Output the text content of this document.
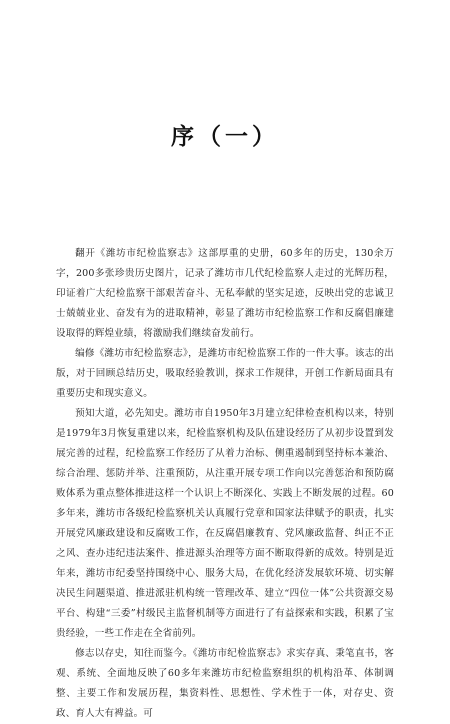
序（一）

翻开《潍坊市纪检监察志》这部厚重的史册，60多年的历史，130余万字，200多张珍贵历史图片，记录了潍坊市几代纪检监察人走过的光辉历程，印证着广大纪检监察干部艰苦奋斗、无私奉献的坚实足迹，反映出党的忠诚卫士兢兢业业、奋发有为的进取精神，彰显了潍坊市纪检监察工作和反腐倡廉建设取得的辉煌业绩，将激励我们继续奋发前行。

编修《潍坊市纪检监察志》，是潍坊市纪检监察工作的一件大事。该志的出版，对于回顾总结历史，吸取经验教训，探求工作规律，开创工作新局面具有重要历史和现实意义。

预知大道，必先知史。潍坊市自1950年3月建立纪律检查机构以来，特别是1979年3月恢复重建以来，纪检监察机构及队伍建设经历了从初步设置到发展完善的过程，纪检监察工作经历了从着力治标、侧重遏制到坚持标本兼治、综合治理、惩防并举、注重预防，从注重开展专项工作向以完善惩治和预防腐败体系为重点整体推进这样一个认识上不断深化、实践上不断发展的过程。60多年来，潍坊市各级纪检监察机关认真履行党章和国家法律赋予的职责，扎实开展党风廉政建设和反腐败工作，在反腐倡廉教育、党风廉政监督、纠正不正之风、查办违纪违法案件、推进源头治理等方面不断取得新的成效。特别是近年来，潍坊市纪委坚持围绕中心、服务大局，在优化经济发展软环境、切实解决民生问题渠道、推进派驻机构统一管理改革、建立“四位一体”公共资源交易平台、构建“三委”村级民主监督机制等方面进行了有益探索和实践，积累了宝贵经验，一些工作走在全省前列。

修志以存史，知往而鉴今。《潍坊市纪检监察志》求实存真、秉笔直书，客观、系统、全面地反映了60多年来潍坊市纪检监察组织的机构沿革、体制调整、主要工作和发展历程，集资料性、思想性、学术性于一体，对存史、资政、育人大有裨益。可
